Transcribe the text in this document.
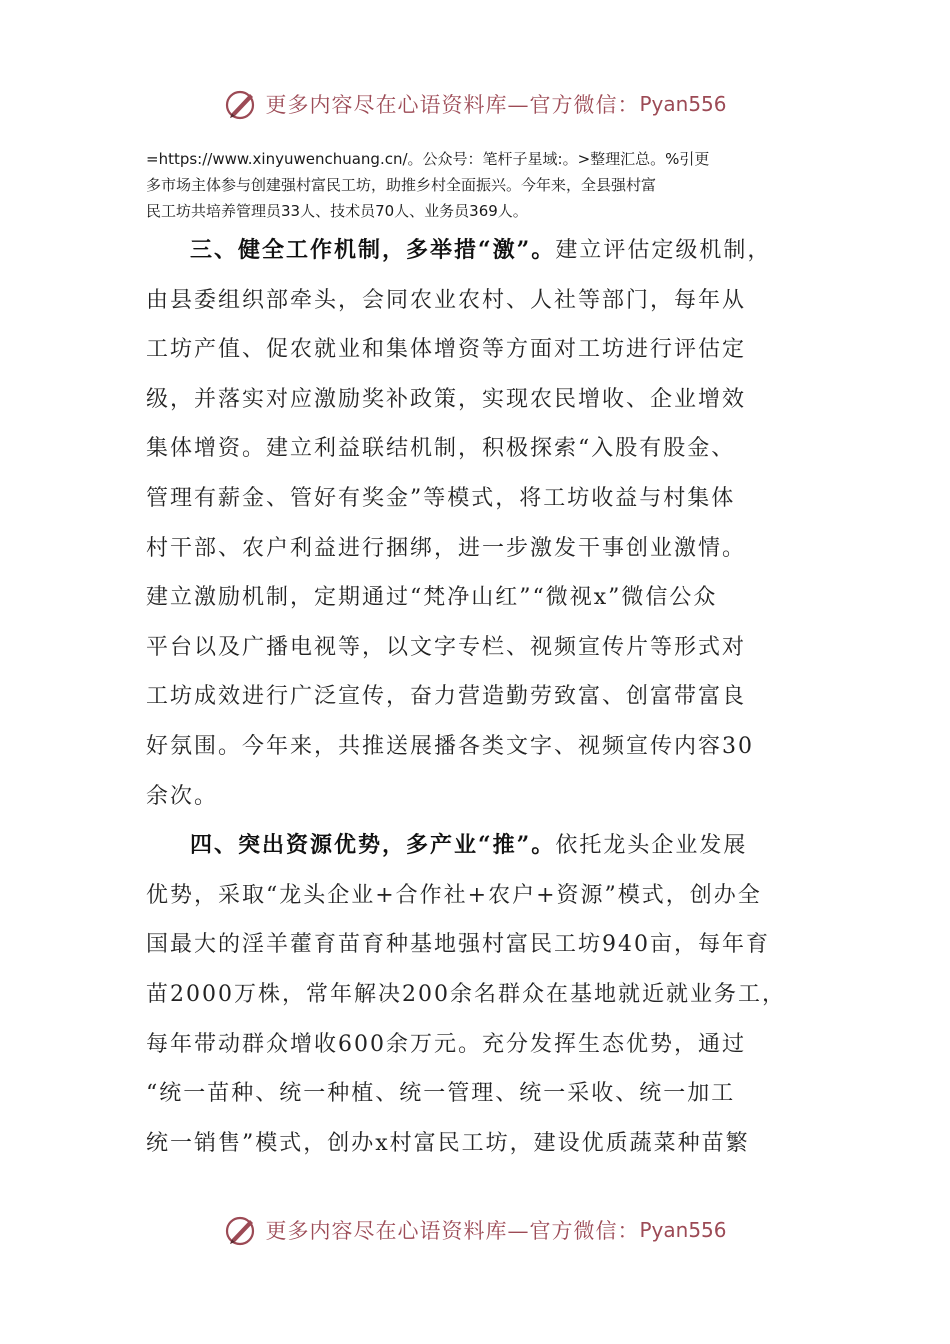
更多内容尽在心语资料库—官方微信： Pyan556
=https://www.xinyuwenchuang.cn/。公众号：笔杆子星域:。>整理汇总。%引更
多市场主体参与创建强村富民工坊，助推乡村全面振兴。今年来，全县强村富
民工坊共培养管理员33人、技术员70人、业务员369人。
三、健全工作机制，多举措“激”。建立评估定级机制，
由县委组织部牵头，会同农业农村、人社等部门，每年从
工坊产值、促农就业和集体增资等方面对工坊进行评估定
级，并落实对应激励奖补政策，实现农民增收、企业增效
集体增资。建立利益联结机制，积极探索“入股有股金、
管理有薪金、管好有奖金”等模式，将工坊收益与村集体
村干部、农户利益进行捆绑，进一步激发干事创业激情。
建立激励机制，定期通过“梵净山红”“微视x”微信公众
平台以及广播电视等，以文字专栏、视频宣传片等形式对
工坊成效进行广泛宣传，奋力营造勤劳致富、创富带富良
好氛围。今年来，共推送展播各类文字、视频宣传内容30
余次。
四、突出资源优势，多产业“推”。依托龙头企业发展
优势，采取“龙头企业+合作社+农户+资源”模式，创办全
国最大的淫羊藿育苗育种基地强村富民工坊940亩，每年育
苗2000万株，常年解决200余名群众在基地就近就业务工，
每年带动群众增收600余万元。充分发挥生态优势，通过
“统一苗种、统一种植、统一管理、统一采收、统一加工
统一销售”模式，创办x村富民工坊，建设优质蔬菜种苗繁
更多内容尽在心语资料库—官方微信： Pyan556
